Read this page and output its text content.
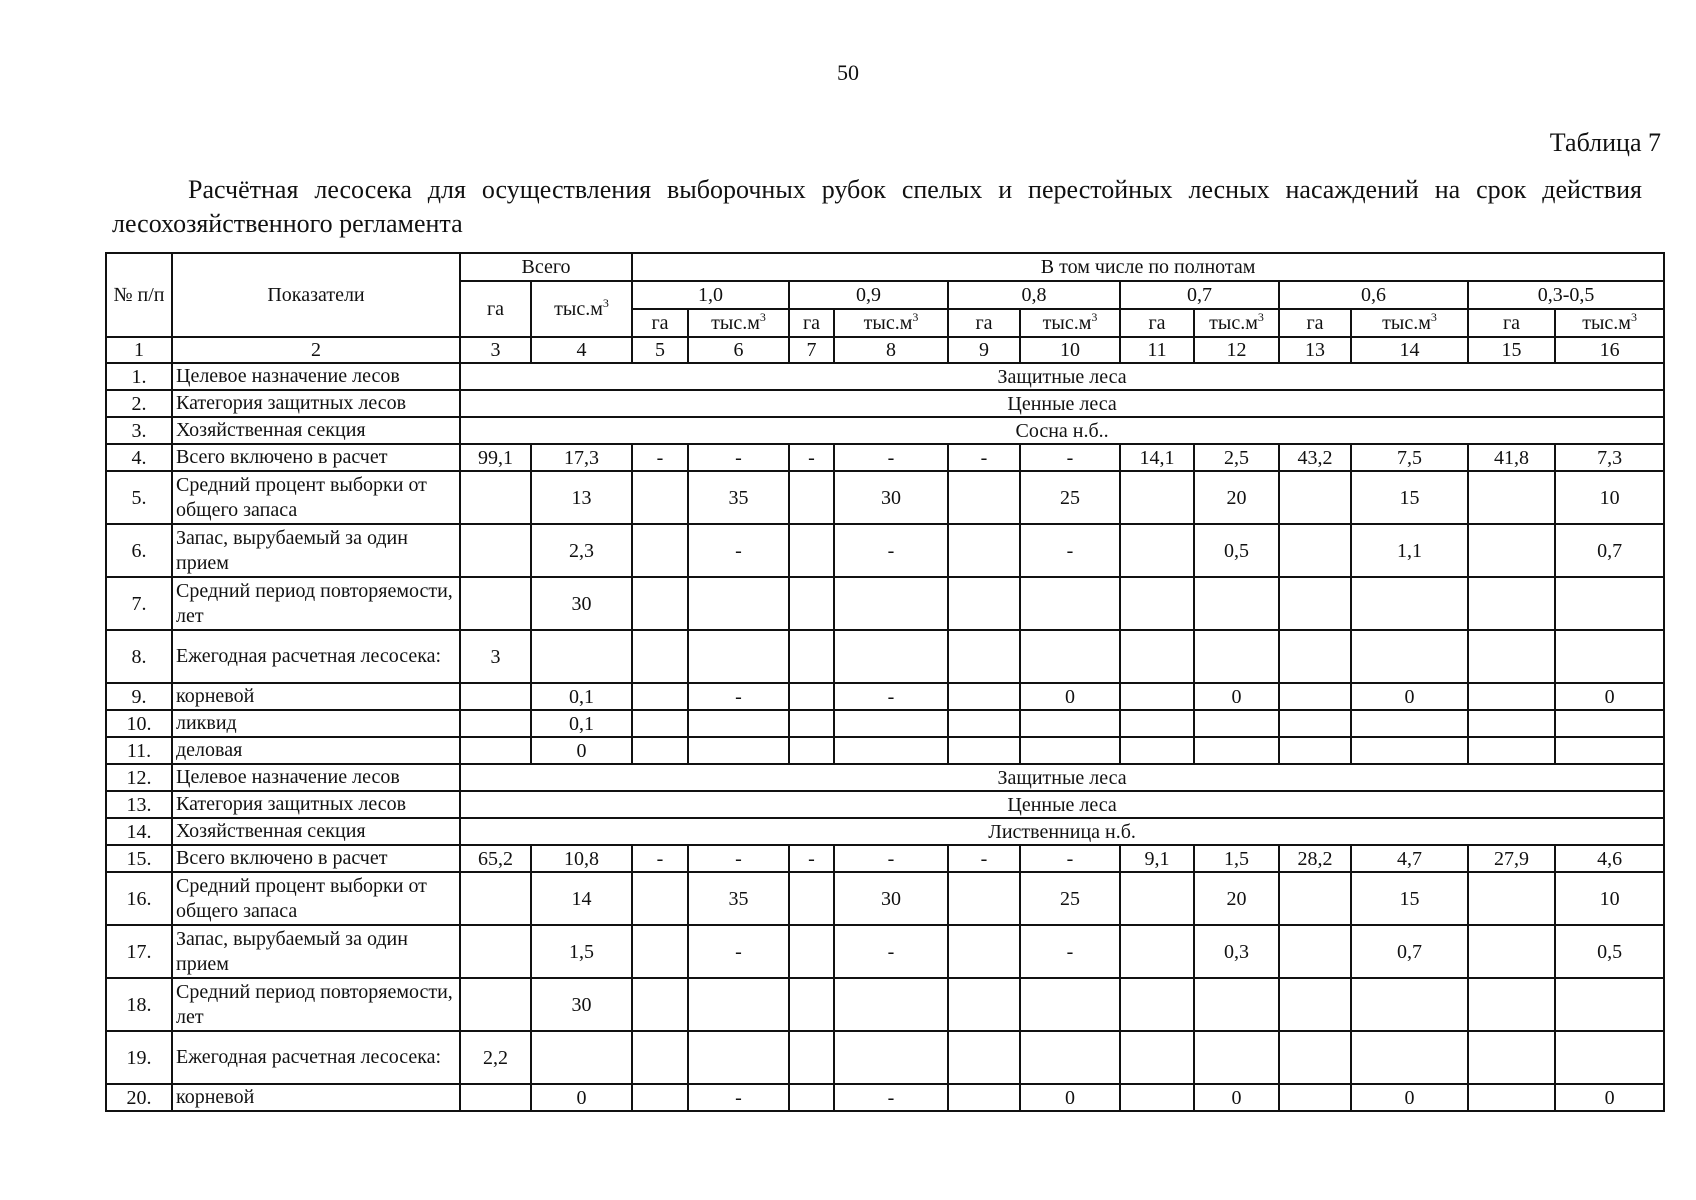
50
Таблица 7
Расчётная лесосека для осуществления выборочных рубок спелых и перестойных лесных насаждений на срок действия лесохозяйственного регламента
№ п/п	Показатели	Всего		В том числе по полнотам											
		га	$тыс.м^3$	1,0		0,9		0,8		0,7		0,6		0,3-0,5	
				га	$тыс.м^3$	га	$тыс.м^3$	га	$тыс.м^3$	га	$тыс.м^3$	га	$тыс.м^3$	га	$тыс.м^3$
1	2	3	4	5	6	7	8	9	10	11	12	13	14	15	16
1.	Целевое назначение лесов	Защитные леса													
2.	Категория защитных лесов	Ценные леса													
3.	Хозяйственная секция	Сосна н.б..													
4.	Всего включено в расчет	99,1	17,3	-	-	-	-	-	-	14,1	2,5	43,2	7,5	41,8	7,3
5.	Средний процент выборки от общего запаса		13		35		30		25		20		15		10
6.	Запас, вырубаемый за один прием		2,3		-		-		-		0,5		1,1		0,7
7.	Средний период повторяемости, лет		30												
8.	Ежегодная расчетная лесосека:	3													
9.	корневой		0,1		-		-		0		0		0		0
10.	ликвид		0,1												
11.	деловая		0												
12.	Целевое назначение лесов	Защитные леса													
13.	Категория защитных лесов	Ценные леса													
14.	Хозяйственная секция	Лиственница н.б.													
15.	Всего включено в расчет	65,2	10,8	-	-	-	-	-	-	9,1	1,5	28,2	4,7	27,9	4,6
16.	Средний процент выборки от общего запаса		14		35		30		25		20		15		10
17.	Запас, вырубаемый за один прием		1,5		-		-		-		0,3		0,7		0,5
18.	Средний период повторяемости, лет		30												
19.	Ежегодная расчетная лесосека:	2,2													
20.	корневой		0		-		-		0		0		0		0
